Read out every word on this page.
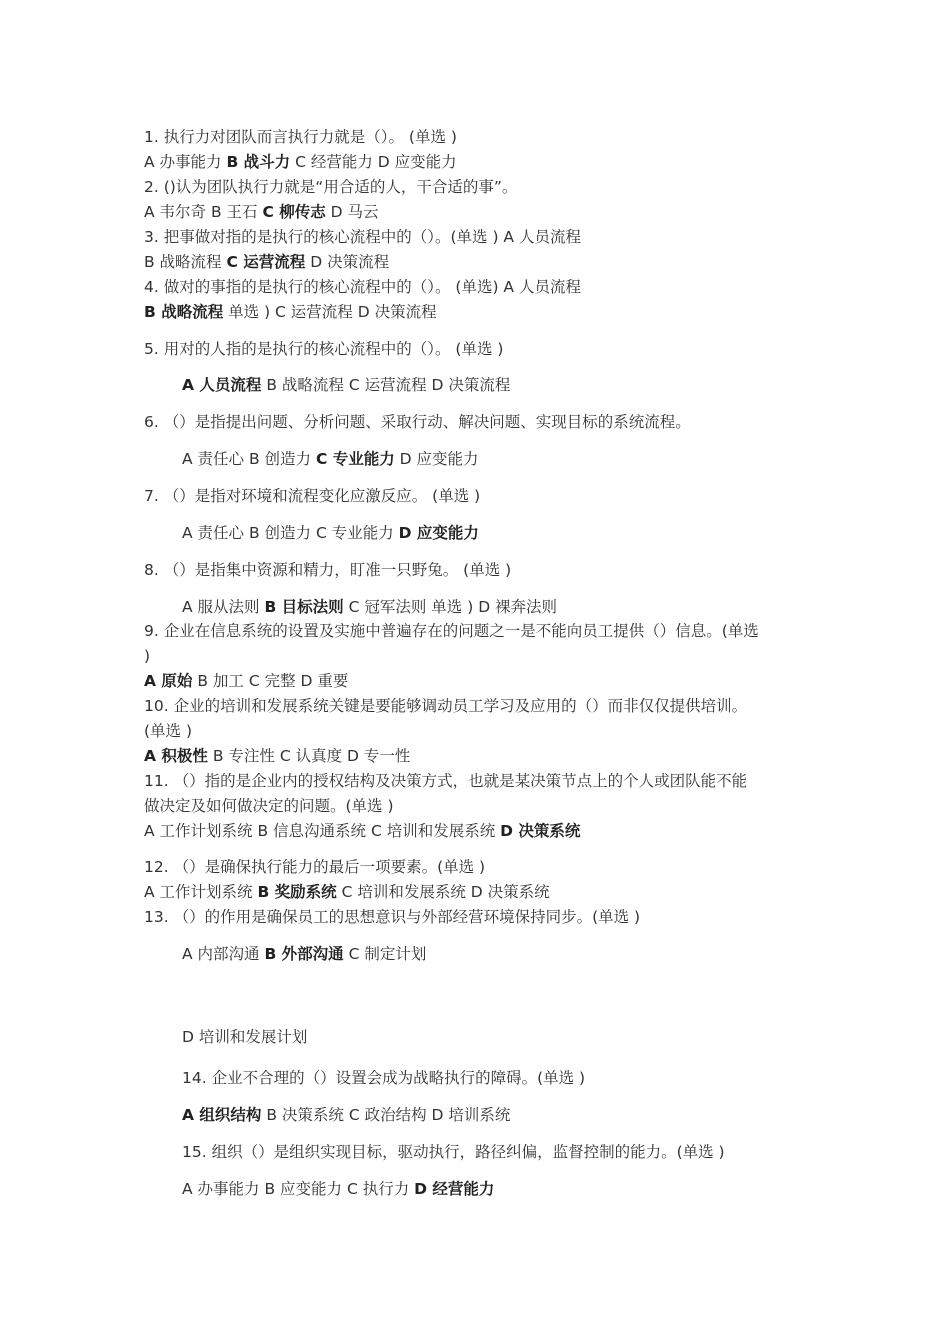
1. 执行力对团队而言执行力就是（）。 (单选 )

A 办事能力 B 战斗力 C 经营能力 D 应变能力

2. ()认为团队执行力就是“用合适的人，干合适的事”。

A 韦尔奇 B 王石 C 柳传志 D 马云

3. 把事做对指的是执行的核心流程中的（）。(单选 ) A 人员流程

B 战略流程 C 运营流程 D 决策流程

4. 做对的事指的是执行的核心流程中的（）。 (单选) A 人员流程

B 战略流程 单选 ) C 运营流程 D 决策流程

5. 用对的人指的是执行的核心流程中的（）。 (单选 )

A 人员流程 B 战略流程 C 运营流程 D 决策流程

6. （）是指提出问题、分析问题、采取行动、解决问题、实现目标的系统流程。

A 责任心 B 创造力 C 专业能力 D 应变能力

7. （）是指对环境和流程变化应激反应。 (单选 )

A 责任心 B 创造力 C 专业能力 D 应变能力

8. （）是指集中资源和精力，盯准一只野兔。 (单选 )

A 服从法则 B 目标法则 C 冠军法则 单选 ) D 裸奔法则

9. 企业在信息系统的设置及实施中普遍存在的问题之一是不能向员工提供（）信息。(单选

)

A 原始 B 加工 C 完整 D 重要

10. 企业的培训和发展系统关键是要能够调动员工学习及应用的（）而非仅仅提供培训。

(单选 )

A 积极性 B 专注性 C 认真度 D 专一性

11. （）指的是企业内的授权结构及决策方式，也就是某决策节点上的个人或团队能不能

做决定及如何做决定的问题。(单选 )

A 工作计划系统 B 信息沟通系统 C 培训和发展系统 D 决策系统

12. （）是确保执行能力的最后一项要素。(单选 )

A 工作计划系统 B 奖励系统 C 培训和发展系统 D 决策系统

13. （）的作用是确保员工的思想意识与外部经营环境保持同步。(单选 )

A 内部沟通 B 外部沟通 C 制定计划

D 培训和发展计划

14. 企业不合理的（）设置会成为战略执行的障碍。(单选 )

A 组织结构 B 决策系统 C 政治结构 D 培训系统

15. 组织（）是组织实现目标，驱动执行，路径纠偏，监督控制的能力。(单选 )

A 办事能力 B 应变能力 C 执行力 D 经营能力
